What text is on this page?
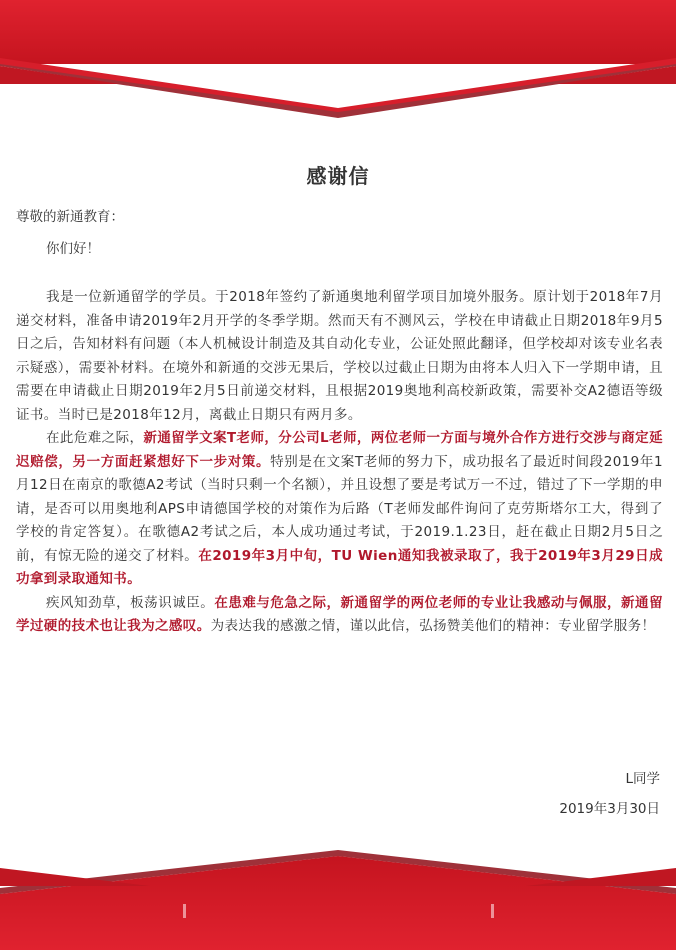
感谢信
尊敬的新通教育：
你们好！

我是一位新通留学的学员。于2018年签约了新通奥地利留学项目加境外服务。原计划于2018年7月递交材料，准备申请2019年2月开学的冬季学期。然而天有不测风云，学校在申请截止日期2018年9月5日之后，告知材料有问题（本人机械设计制造及其自动化专业，公证处照此翻译，但学校却对该专业名表示疑惑），需要补材料。在境外和新通的交涉无果后，学校以过截止日期为由将本人归入下一学期申请，且需要在申请截止日期2019年2月5日前递交材料，且根据2019奥地利高校新政策，需要补交A2德语等级证书。当时已是2018年12月，离截止日期只有两月多。

在此危难之际，新通留学文案T老师，分公司L老师，两位老师一方面与境外合作方进行交涉与商定延迟赔偿，另一方面赶紧想好下一步对策。特别是在文案T老师的努力下，成功报名了最近时间段2019年1月12日在南京的歌德A2考试（当时只剩一个名额），并且设想了要是考试万一不过，错过了下一学期的申请，是否可以用奥地利APS申请德国学校的对策作为后路（T老师发邮件询问了克劳斯塔尔工大，得到了学校的肯定答复）。在歌德A2考试之后，本人成功通过考试，于2019.1.23日，赶在截止日期2月5日之前，有惊无险的递交了材料。在2019年3月中旬，TU Wien通知我被录取了，我于2019年3月29日成功拿到录取通知书。

疾风知劲草，板荡识诚臣。在患难与危急之际，新通留学的两位老师的专业让我感动与佩服，新通留学过硬的技术也让我为之感叹。为表达我的感激之情，谨以此信，弘扬赞美他们的精神：专业留学服务！

L同学
2019年3月30日
